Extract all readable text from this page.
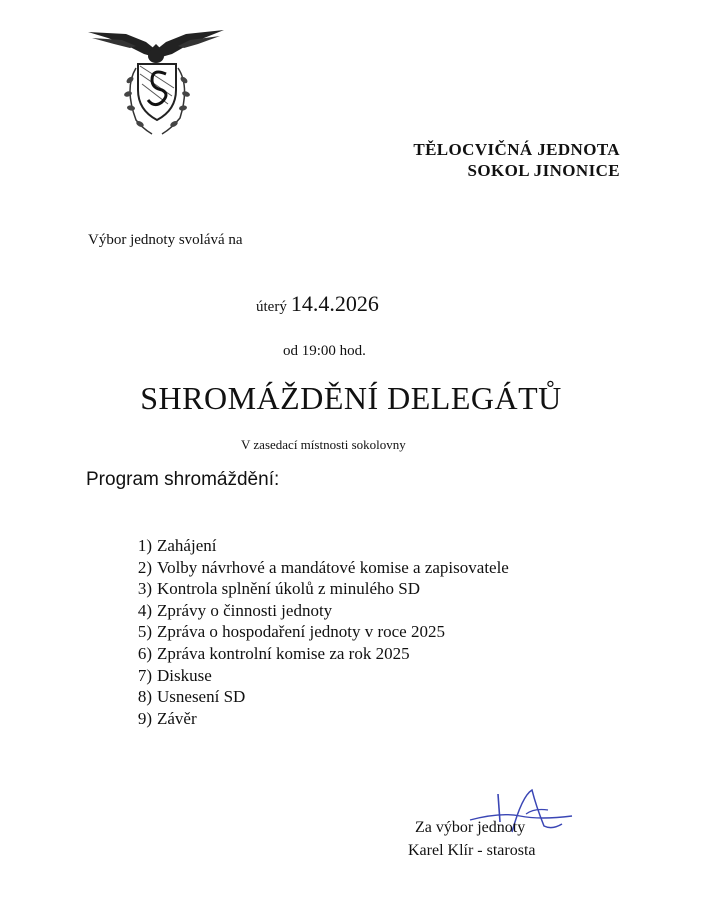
TĚLOCVIČNÁ JEDNOTA
SOKOL JINONICE
Výbor jednoty svolává na
úterý 14.4.2026
od 19:00 hod.
SHROMÁŽDĚNÍ DELEGÁTŮ
V zasedací místnosti sokolovny
Program shromáždění:
1) Zahájení
2) Volby návrhové a mandátové komise a zapisovatele
3) Kontrola splnění úkolů z minulého SD
4) Zprávy o činnosti jednoty
5) Zpráva o hospodaření jednoty v roce 2025
6) Zpráva kontrolní komise za rok 2025
7) Diskuse
8) Usnesení SD
9) Závěr
Za výbor jednoty
Karel Klír - starosta
